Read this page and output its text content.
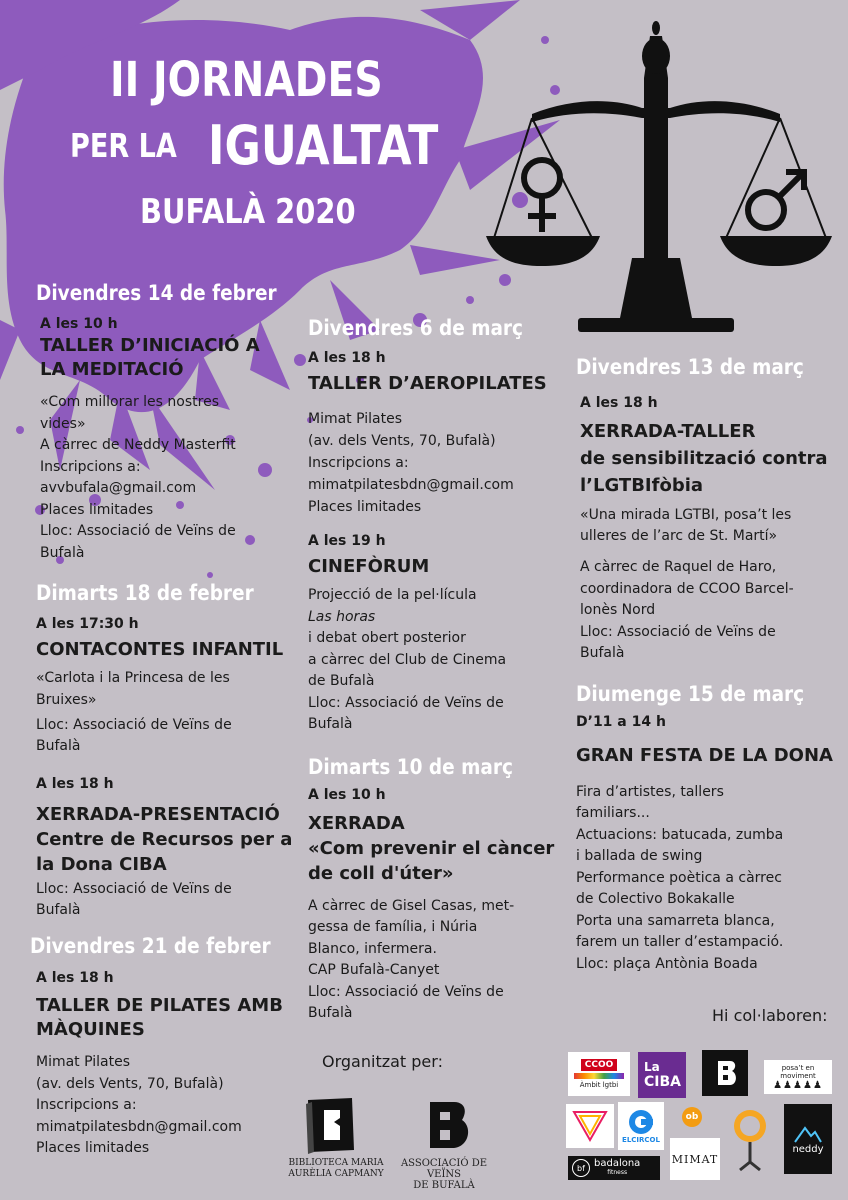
II JORNADES
PER LA IGUALTAT
BUFALÀ 2020

Divendres 14 de febrer

A les 10 h

TALLER D’INICIACIÓ A
LA MEDITACIÓ

«Com millorar les nostres
vides»
A càrrec de Neddy Masterfit
Inscripcions a:
avvbufala@gmail.com
Places limitades
Lloc: Associació de Veïns de
Bufalà

Dimarts 18 de febrer

A les 17:30 h

CONTACONTES INFANTIL

«Carlota i la Princesa de les
Bruixes»

Lloc: Associació de Veïns de
Bufalà

A les 18 h

XERRADA-PRESENTACIÓ
Centre de Recursos per a
la Dona CIBA

Lloc: Associació de Veïns de
Bufalà

Divendres 21 de febrer

A les 18 h

TALLER DE PILATES AMB
MÀQUINES

Mimat Pilates
(av. dels Vents, 70, Bufalà)
Inscripcions a:
mimatpilatesbdn@gmail.com
Places limitades

Divendres 6 de març

A les 18 h

TALLER D’AEROPILATES

Mimat Pilates
(av. dels Vents, 70, Bufalà)
Inscripcions a:
mimatpilatesbdn@gmail.com
Places limitades

A les 19 h

CINEFÒRUM

Projecció de la pel·lícula
Las horas
i debat obert posterior
a càrrec del Club de Cinema
de Bufalà
Lloc: Associació de Veïns de
Bufalà

Dimarts 10 de març

A les 10 h

XERRADA
«Com prevenir el càncer
de coll d'úter»

A càrrec de Gisel Casas, met-
gessa de família, i Núria
Blanco, infermera.
CAP Bufalà-Canyet
Lloc: Associació de Veïns de
Bufalà

Divendres 13 de març

A les 18 h

XERRADA-TALLER
de sensibilització contra
l’LGTBIfòbia

«Una mirada LGTBI, posa’t les
ulleres de l’arc de St. Martí»

A càrrec de Raquel de Haro,
coordinadora de CCOO Barcel-
lonès Nord
Lloc: Associació de Veïns de
Bufalà

Diumenge 15 de març

D’11 a 14 h

GRAN FESTA DE LA DONA

Fira d’artistes, tallers
familiars...
Actuacions: batucada, zumba
i ballada de swing
Performance poètica a càrrec
de Colectivo Bokakalle
Porta una samarreta blanca,
farem un taller d’estampació.
Lloc: plaça Antònia Boada

Organitzat per:
BIBLIOTECA MARIA
AURÈLIA CAPMANY
ASSOCIACIÓ DE VEÏNS
DE BUFALÀ
Hi col·laboren:
CCOO
Àmbit lgtbi
La
CIBA
posa’t en moviment
♟♟♟♟♟
ELCIRCOL
ob
neddy
bf badalona
fitness
MIMAT
